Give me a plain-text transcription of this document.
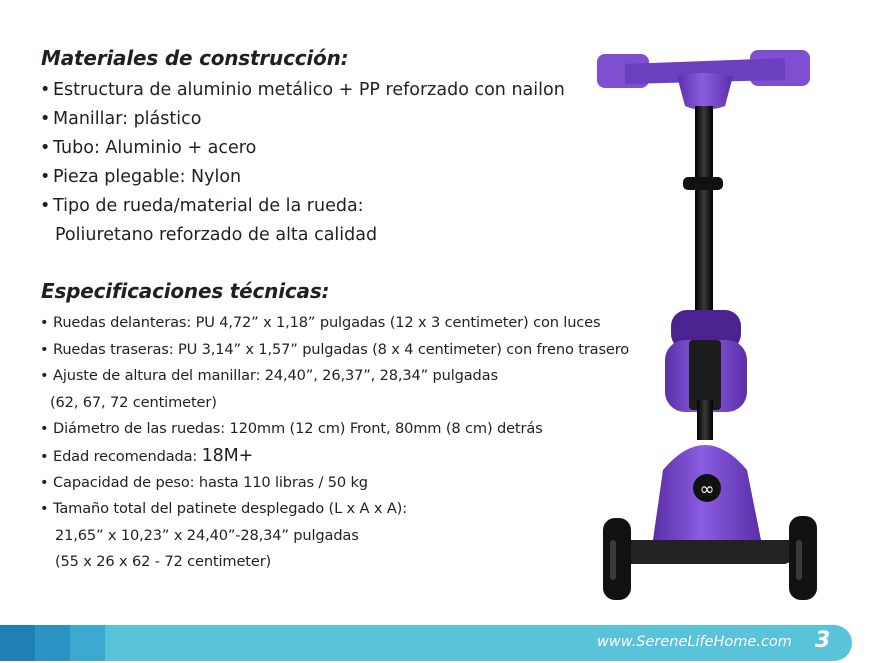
Materiales de construcción:
• Estructura de aluminio metálico + PP reforzado con nailon
• Manillar: plástico
• Tubo: Aluminio + acero
• Pieza plegable: Nylon
• Tipo de rueda/material de la rueda:
Poliuretano reforzado de alta calidad
Especificaciones técnicas:
• Ruedas delanteras: PU 4,72” x 1,18” pulgadas (12 x 3 centimeter) con luces
• Ruedas traseras: PU 3,14” x 1,57” pulgadas (8 x 4 centimeter) con freno trasero
• Ajuste de altura del manillar: 24,40”, 26,37”, 28,34” pulgadas
(62, 67, 72 centimeter)
• Diámetro de las ruedas: 120mm (12 cm) Front, 80mm (8 cm) detrás
• Edad recomendada: 18M+
• Capacidad de peso: hasta 110 libras / 50 kg
• Tamaño total del patinete desplegado (L x A x A):
21,65” x 10,23” x 24,40”-28,34” pulgadas
(55 x 26 x 62 - 72 centimeter)
∞
www.SereneLifeHome.com 3
